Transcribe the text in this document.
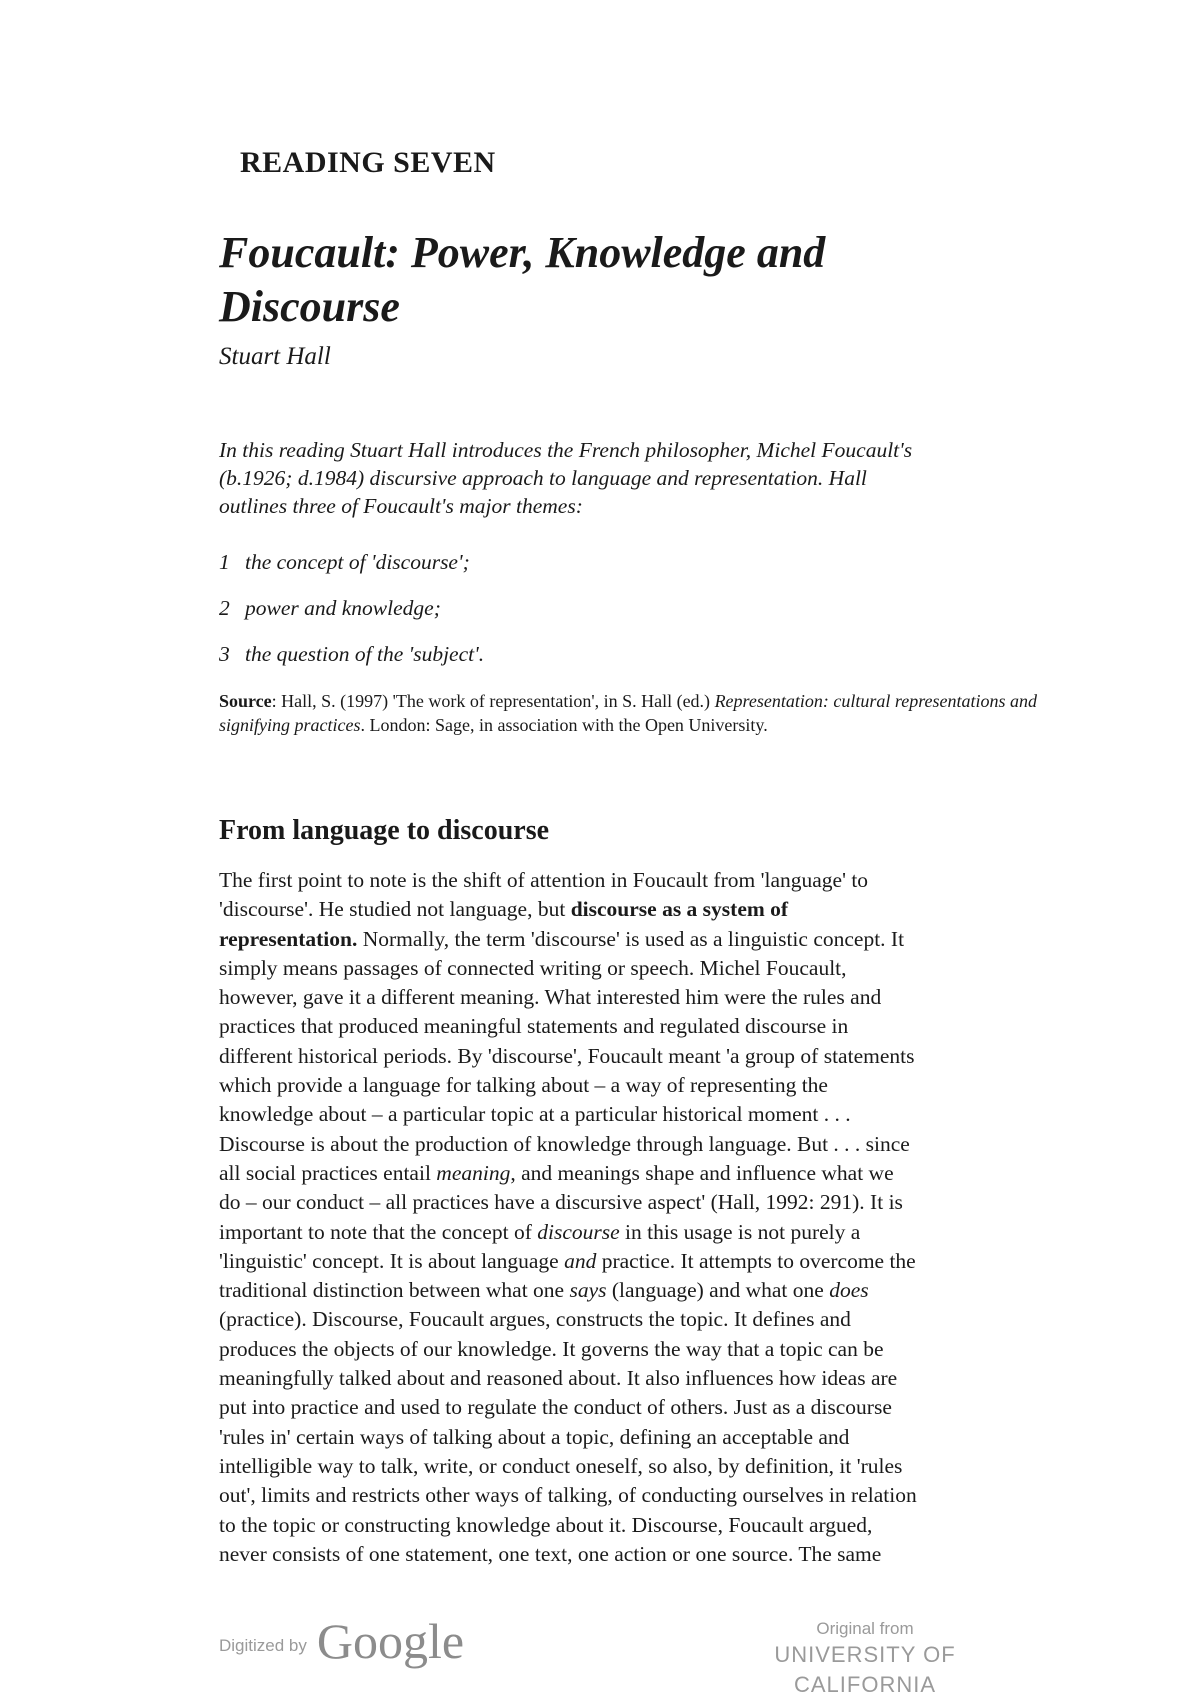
READING SEVEN
Foucault: Power, Knowledge and
Discourse

Stuart Hall

In this reading Stuart Hall introduces the French philosopher, Michel Foucault's
(b.1926; d.1984) discursive approach to language and representation. Hall
outlines three of Foucault's major themes:

1 the concept of 'discourse';
2 power and knowledge;
3 the question of the 'subject'.

Source: Hall, S. (1997) 'The work of representation', in S. Hall (ed.) Representation: cultural representations and signifying practices. London: Sage, in association with the Open University.

From language to discourse
The first point to note is the shift of attention in Foucault from 'language' to
'discourse'. He studied not language, but discourse as a system of
representation. Normally, the term 'discourse' is used as a linguistic concept. It
simply means passages of connected writing or speech. Michel Foucault,
however, gave it a different meaning. What interested him were the rules and
practices that produced meaningful statements and regulated discourse in
different historical periods. By 'discourse', Foucault meant 'a group of statements
which provide a language for talking about – a way of representing the
knowledge about – a particular topic at a particular historical moment . . .
Discourse is about the production of knowledge through language. But . . . since
all social practices entail meaning, and meanings shape and influence what we
do – our conduct – all practices have a discursive aspect' (Hall, 1992: 291). It is
important to note that the concept of discourse in this usage is not purely a
'linguistic' concept. It is about language and practice. It attempts to overcome the
traditional distinction between what one says (language) and what one does
(practice). Discourse, Foucault argues, constructs the topic. It defines and
produces the objects of our knowledge. It governs the way that a topic can be
meaningfully talked about and reasoned about. It also influences how ideas are
put into practice and used to regulate the conduct of others. Just as a discourse
'rules in' certain ways of talking about a topic, defining an acceptable and
intelligible way to talk, write, or conduct oneself, so also, by definition, it 'rules
out', limits and restricts other ways of talking, of conducting ourselves in relation
to the topic or constructing knowledge about it. Discourse, Foucault argued,
never consists of one statement, one text, one action or one source. The same
Digitized by Google	Original from
UNIVERSITY OF CALIFORNIA
